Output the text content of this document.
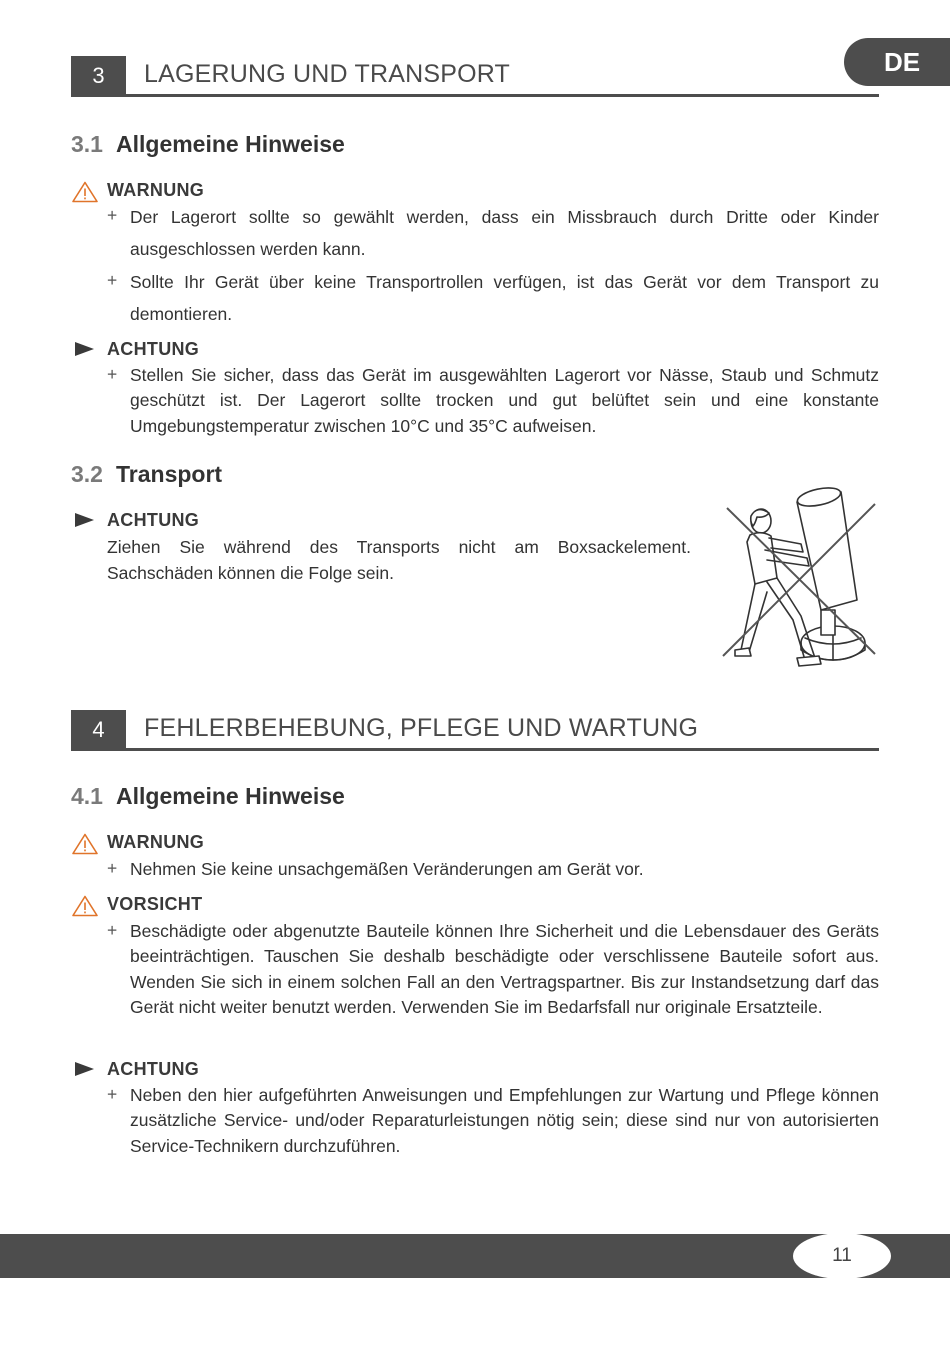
DE
3	LAGERUNG UND TRANSPORT
3.1 Allgemeine Hinweise
WARNUNG
+ Der Lagerort sollte so gewählt werden, dass ein Missbrauch durch Dritte oder Kinder ausgeschlossen werden kann.
+ Sollte Ihr Gerät über keine Transportrollen verfügen, ist das Gerät vor dem Transport zu demontieren.
ACHTUNG
+ Stellen Sie sicher, dass das Gerät im ausgewählten Lagerort vor Nässe, Staub und Schmutz geschützt ist. Der Lagerort sollte trocken und gut belüftet sein und eine konstante Umgebungstemperatur zwischen 10°C und 35°C aufweisen.
3.2 Transport
ACHTUNG
Ziehen Sie während des Transports nicht am Boxsackelement. Sachschäden können die Folge sein.
4	FEHLERBEHEBUNG, PFLEGE UND WARTUNG
4.1 Allgemeine Hinweise
WARNUNG
+ Nehmen Sie keine unsachgemäßen Veränderungen am Gerät vor.
VORSICHT
+ Beschädigte oder abgenutzte Bauteile können Ihre Sicherheit und die Lebensdauer des Geräts beeinträchtigen. Tauschen Sie deshalb beschädigte oder verschlissene Bauteile sofort aus. Wenden Sie sich in einem solchen Fall an den Vertragspartner. Bis zur Instandsetzung darf das Gerät nicht weiter benutzt werden. Verwenden Sie im Bedarfsfall nur originale Ersatzteile.
ACHTUNG
+ Neben den hier aufgeführten Anweisungen und Empfehlungen zur Wartung und Pflege können zusätzliche Service- und/oder Reparaturleistungen nötig sein; diese sind nur von autorisierten Service-Technikern durchzuführen.
11
